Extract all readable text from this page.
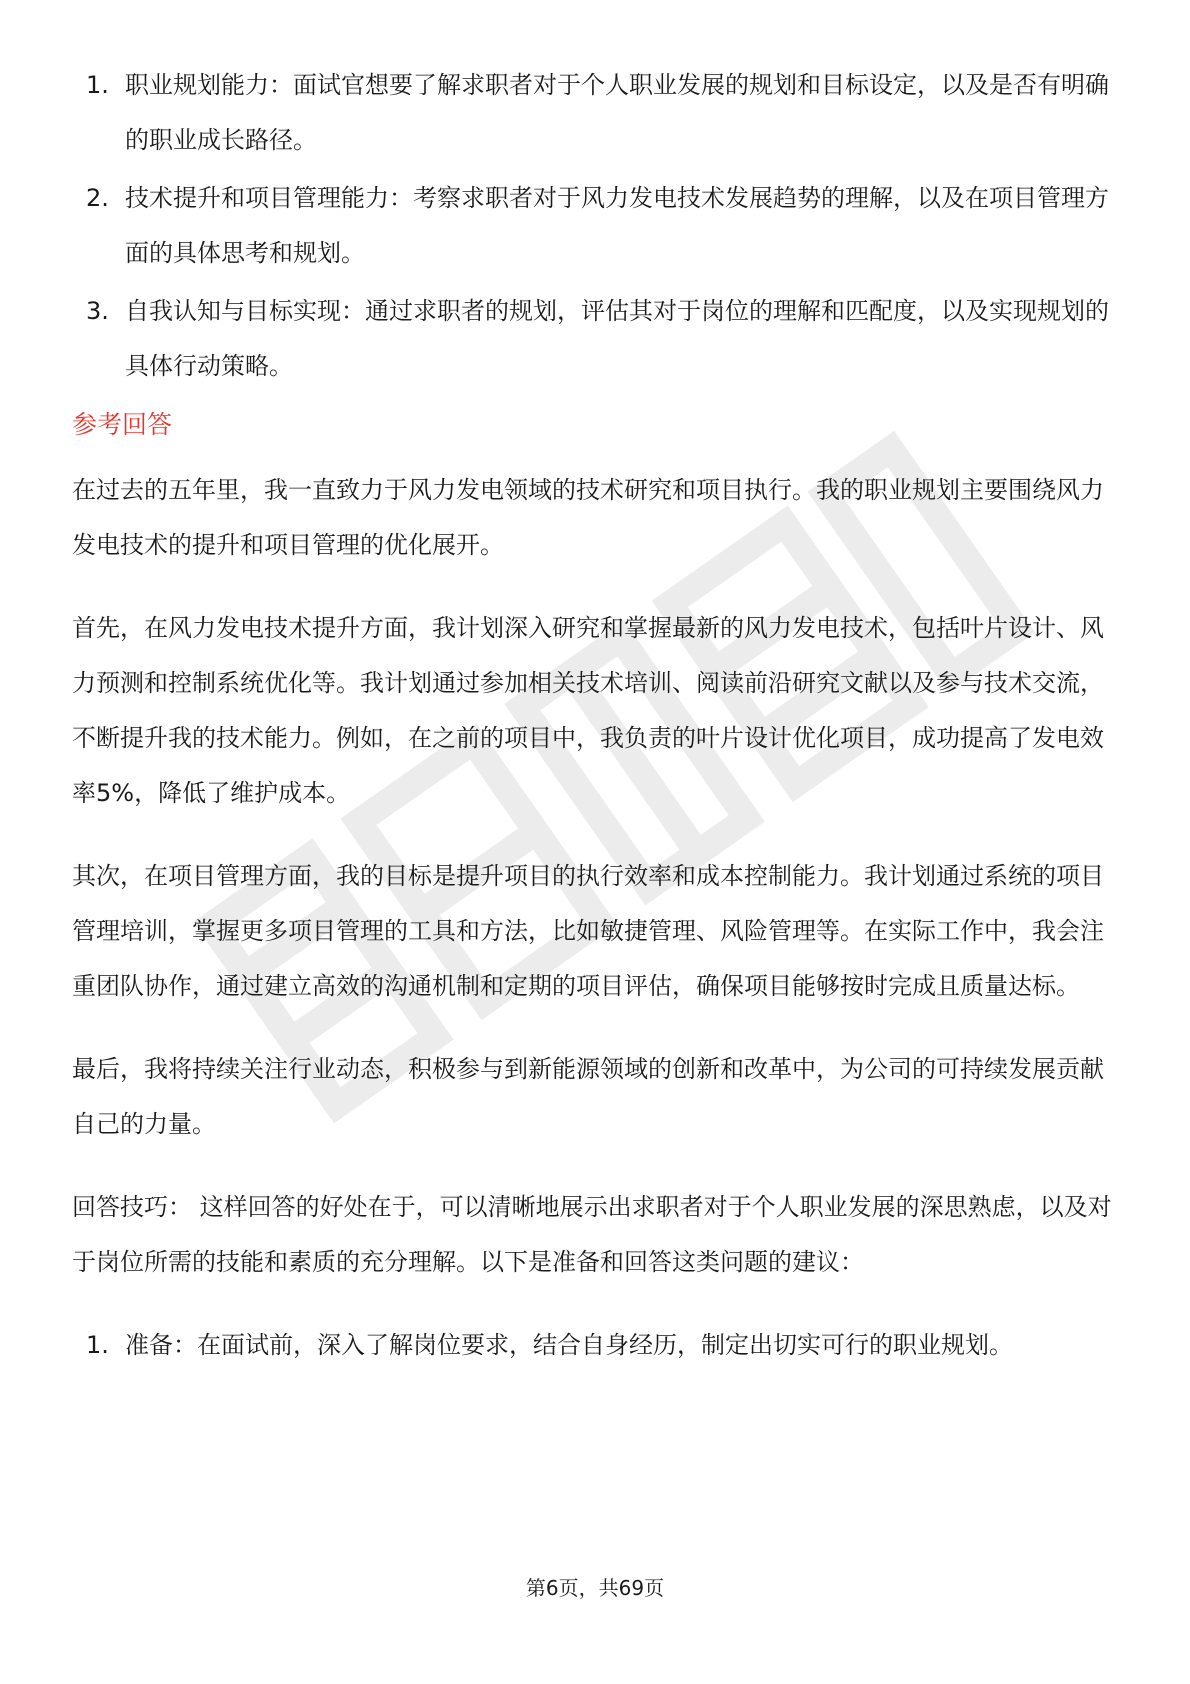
1. 职业规划能力：面试官想要了解求职者对于个人职业发展的规划和目标设定，以及是否有明确的职业成长路径。
2. 技术提升和项目管理能力：考察求职者对于风力发电技术发展趋势的理解，以及在项目管理方面的具体思考和规划。
3. 自我认知与目标实现：通过求职者的规划，评估其对于岗位的理解和匹配度，以及实现规划的具体行动策略。
参考回答

在过去的五年里，我一直致力于风力发电领域的技术研究和项目执行。我的职业规划主要围绕风力发电技术的提升和项目管理的优化展开。

首先，在风力发电技术提升方面，我计划深入研究和掌握最新的风力发电技术，包括叶片设计、风力预测和控制系统优化等。我计划通过参加相关技术培训、阅读前沿研究文献以及参与技术交流，不断提升我的技术能力。例如，在之前的项目中，我负责的叶片设计优化项目，成功提高了发电效率5%，降低了维护成本。

其次，在项目管理方面，我的目标是提升项目的执行效率和成本控制能力。我计划通过系统的项目管理培训，掌握更多项目管理的工具和方法，比如敏捷管理、风险管理等。在实际工作中，我会注重团队协作，通过建立高效的沟通机制和定期的项目评估，确保项目能够按时完成且质量达标。

最后，我将持续关注行业动态，积极参与到新能源领域的创新和改革中，为公司的可持续发展贡献自己的力量。

回答技巧： 这样回答的好处在于，可以清晰地展示出求职者对于个人职业发展的深思熟虑，以及对于岗位所需的技能和素质的充分理解。以下是准备和回答这类问题的建议：

1. 准备：在面试前，深入了解岗位要求，结合自身经历，制定出切实可行的职业规划。
第6页，共69页
